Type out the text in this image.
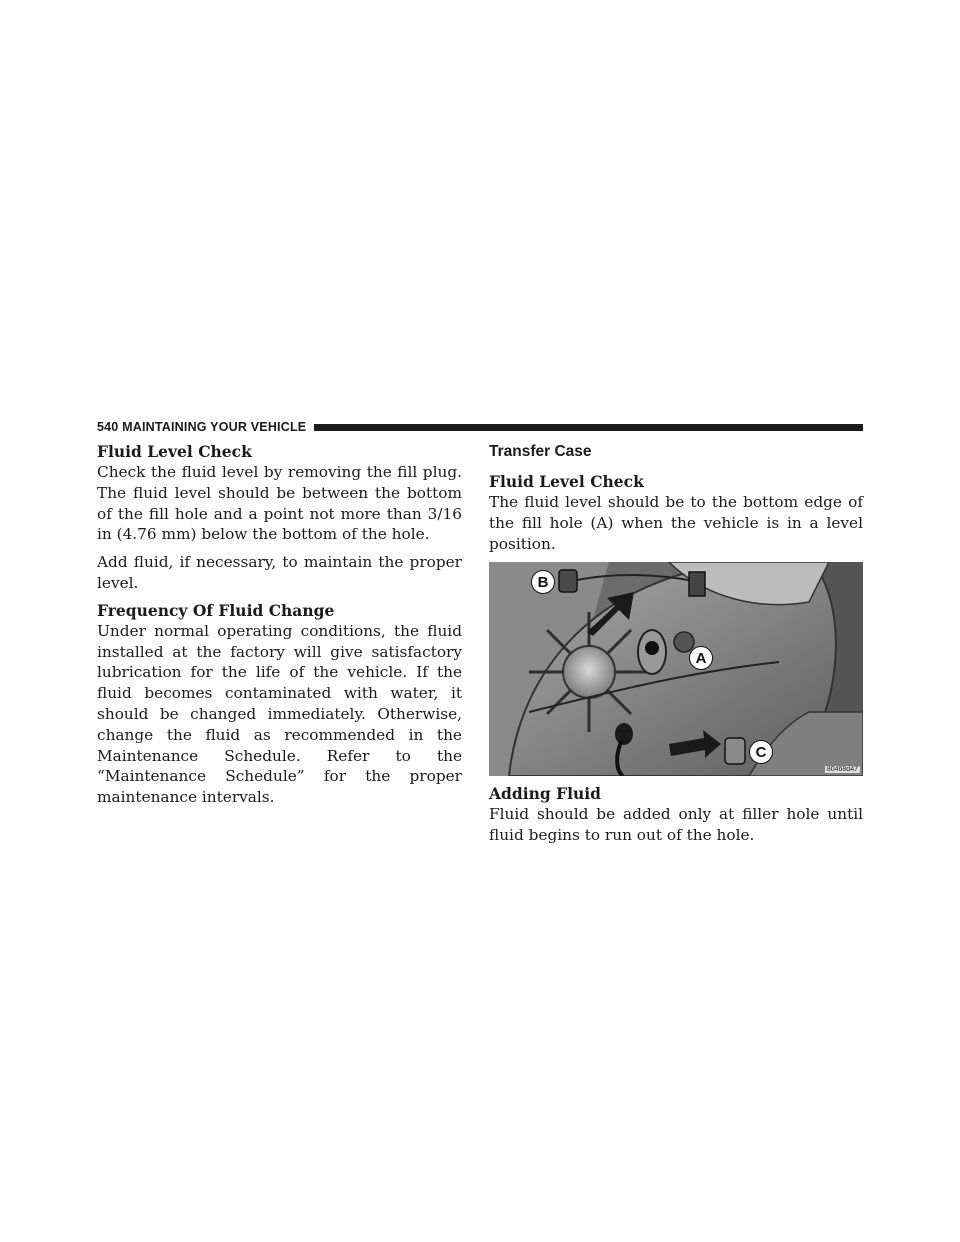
540 MAINTAINING YOUR VEHICLE
Fluid Level Check

Check the fluid level by removing the fill plug. The fluid level should be between the bottom of the fill hole and a point not more than 3/16 in (4.76 mm) below the bottom of the hole.

Add fluid, if necessary, to maintain the proper level.

Frequency Of Fluid Change

Under normal operating conditions, the fluid installed at the factory will give satisfactory lubrication for the life of the vehicle. If the fluid becomes contaminated with water, it should be changed immediately. Otherwise, change the fluid as recommended in the Maintenance Schedule. Refer to the “Maintenance Schedule” for the proper maintenance intervals.

Transfer Case
Fluid Level Check

The fluid level should be to the bottom edge of the fill hole (A) when the vehicle is in a level position.

B
A
C
80468d47
Adding Fluid

Fluid should be added only at filler hole until fluid begins to run out of the hole.
